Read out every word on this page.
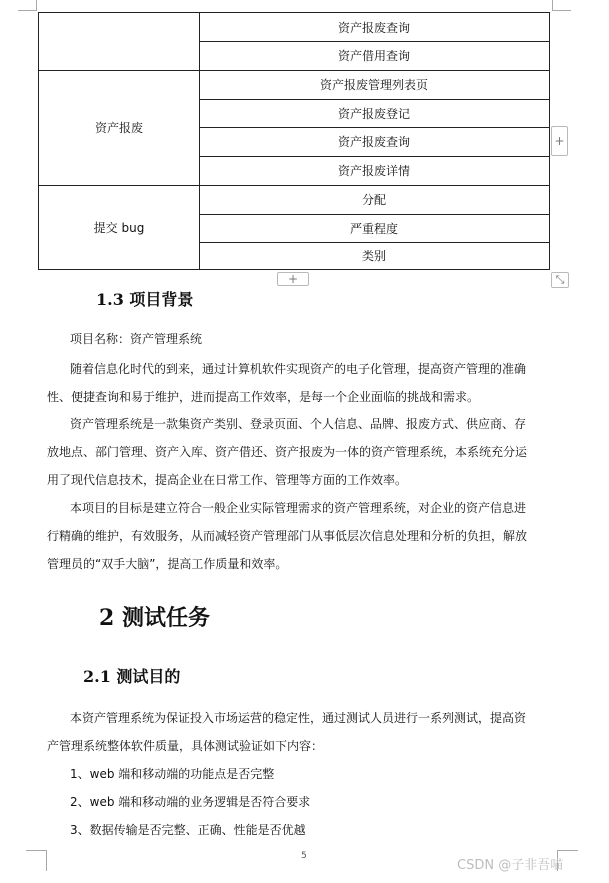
资产报废查询
资产借用查询
资产报废
资产报废管理列表页
资产报废登记
资产报废查询
资产报废详情
提交 bug
分配
严重程度
类别
+
+	⤡
1.3 项目背景
项目名称：资产管理系统
随着信息化时代的到来，通过计算机软件实现资产的电子化管理，提高资产管理的准确
性、便捷查询和易于维护，进而提高工作效率，是每一个企业面临的挑战和需求。
资产管理系统是一款集资产类别、登录页面、个人信息、品牌、报废方式、供应商、存
放地点、部门管理、资产入库、资产借还、资产报废为一体的资产管理系统，本系统充分运
用了现代信息技术，提高企业在日常工作、管理等方面的工作效率。
本项目的目标是建立符合一般企业实际管理需求的资产管理系统，对企业的资产信息进
行精确的维护，有效服务，从而减轻资产管理部门从事低层次信息处理和分析的负担，解放
管理员的“双手大脑”，提高工作质量和效率。
2 测试任务
2.1 测试目的
本资产管理系统为保证投入市场运营的稳定性，通过测试人员进行一系列测试，提高资
产管理系统整体软件质量，具体测试验证如下内容：
1、web 端和移动端的功能点是否完整
2、web 端和移动端的业务逻辑是否符合要求
3、数据传输是否完整、正确、性能是否优越
5
CSDN @子非吾喵
